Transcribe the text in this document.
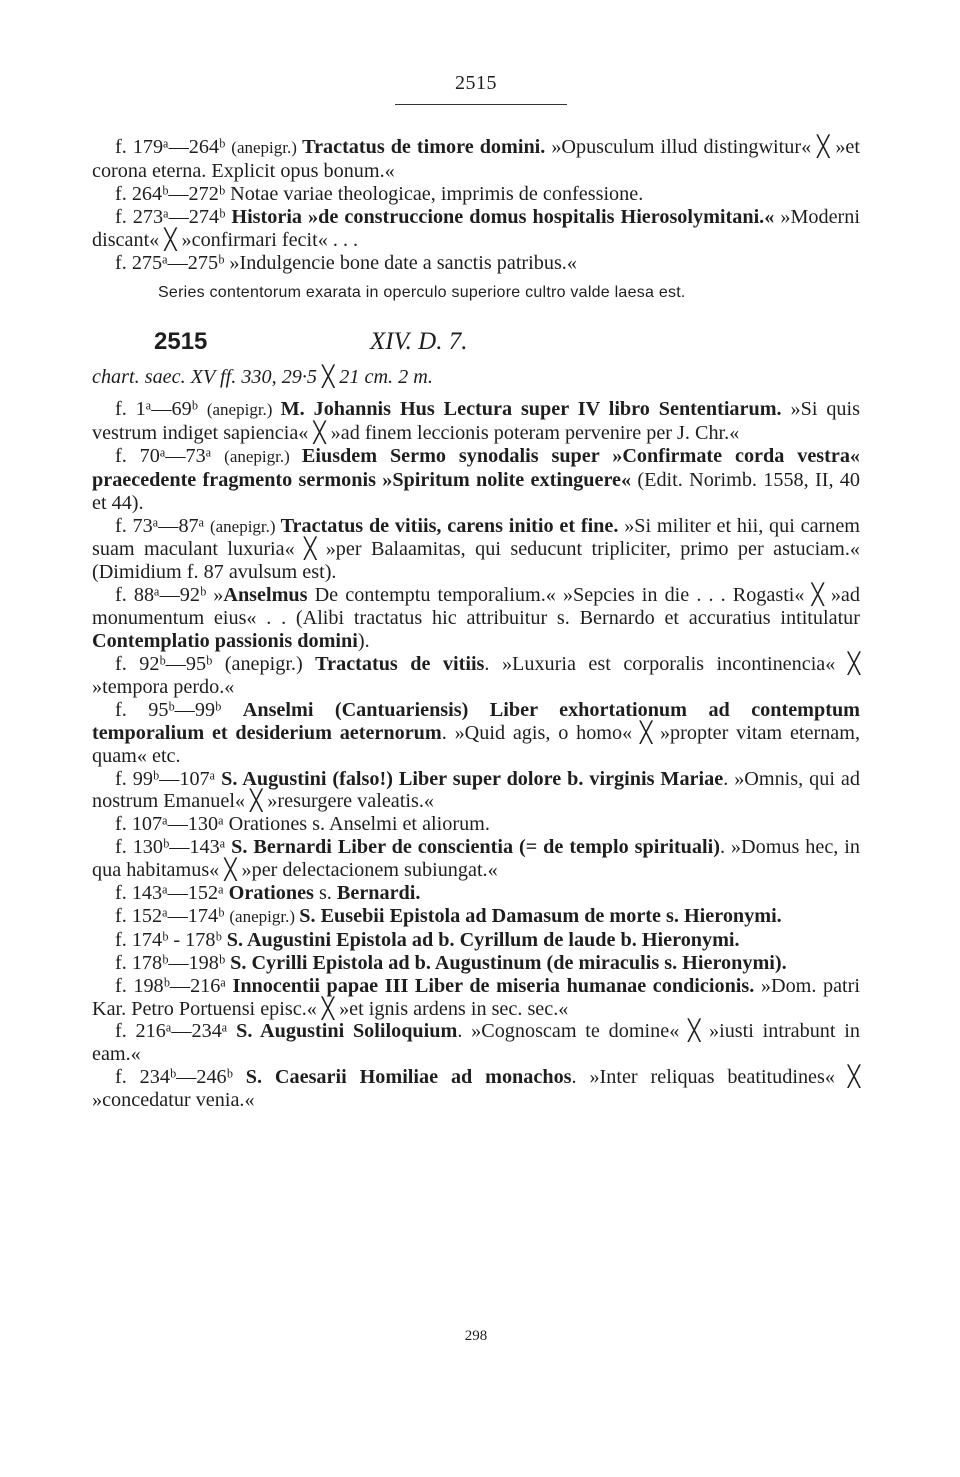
2515

f. 179ᵃ—264ᵇ (anepigr.) Tractatus de timore domini. »Opusculum illud distingwitur« ╳ »et corona eterna. Explicit opus bonum.«

f. 264ᵇ—272ᵇ Notae variae theologicae, imprimis de confessione.

f. 273ᵃ—274ᵇ Historia »de construccione domus hospitalis Hierosolymitani.« »Moderni discant« ╳ »confirmari fecit« . . .

f. 275ᵃ—275ᵇ »Indulgencie bone date a sanctis patribus.«

Series contentorum exarata in operculo superiore cultro valde laesa est.
2515	XIV. D. 7.
chart. saec. XV ff. 330, 29·5 ╳ 21 cm. 2 m.

f. 1ᵃ—69ᵇ (anepigr.) M. Johannis Hus Lectura super IV libro Sententiarum. »Si quis vestrum indiget sapiencia« ╳ »ad finem leccionis poteram pervenire per J. Chr.«

f. 70ᵃ—73ᵃ (anepigr.) Eiusdem Sermo synodalis super »Confirmate corda vestra« praecedente fragmento sermonis »Spiritum nolite extinguere« (Edit. Norimb. 1558, II, 40 et 44).

f. 73ᵃ—87ᵃ (anepigr.) Tractatus de vitiis, carens initio et fine. »Si militer et hii, qui carnem suam maculant luxuria« ╳ »per Balaamitas, qui seducunt tripliciter, primo per astuciam.« (Dimidium f. 87 avulsum est).

f. 88ᵃ—92ᵇ »Anselmus De contemptu temporalium.« »Sepcies in die . . . Rogasti« ╳ »ad monumentum eius« . . (Alibi tractatus hic attribuitur s. Bernardo et accuratius intitulatur Contemplatio passionis domini).

f. 92ᵇ—95ᵇ (anepigr.) Tractatus de vitiis. »Luxuria est corporalis incontinencia« ╳ »tempora perdo.«

f. 95ᵇ—99ᵇ Anselmi (Cantuariensis) Liber exhortationum ad contemptum temporalium et desiderium aeternorum. »Quid agis, o homo« ╳ »propter vitam eternam, quam« etc.

f. 99ᵇ—107ᵃ S. Augustini (falso!) Liber super dolore b. virginis Mariae. »Omnis, qui ad nostrum Emanuel« ╳ »resurgere valeatis.«

f. 107ᵃ—130ᵃ Orationes s. Anselmi et aliorum.

f. 130ᵇ—143ᵃ S. Bernardi Liber de conscientia (= de templo spirituali). »Domus hec, in qua habitamus« ╳ »per delectacionem subiungat.«

f. 143ᵃ—152ᵃ Orationes s. Bernardi.

f. 152ᵃ—174ᵇ (anepigr.) S. Eusebii Epistola ad Damasum de morte s. Hieronymi.

f. 174ᵇ - 178ᵇ S. Augustini Epistola ad b. Cyrillum de laude b. Hieronymi.

f. 178ᵇ—198ᵇ S. Cyrilli Epistola ad b. Augustinum (de miraculis s. Hieronymi).

f. 198ᵇ—216ᵃ Innocentii papae III Liber de miseria humanae condicionis. »Dom. patri Kar. Petro Portuensi episc.« ╳ »et ignis ardens in sec. sec.«

f. 216ᵃ—234ᵃ S. Augustini Soliloquium. »Cognoscam te domine« ╳ »iusti intrabunt in eam.«

f. 234ᵇ—246ᵇ S. Caesarii Homiliae ad monachos. »Inter reliquas beatitudines« ╳ »concedatur venia.«

298
